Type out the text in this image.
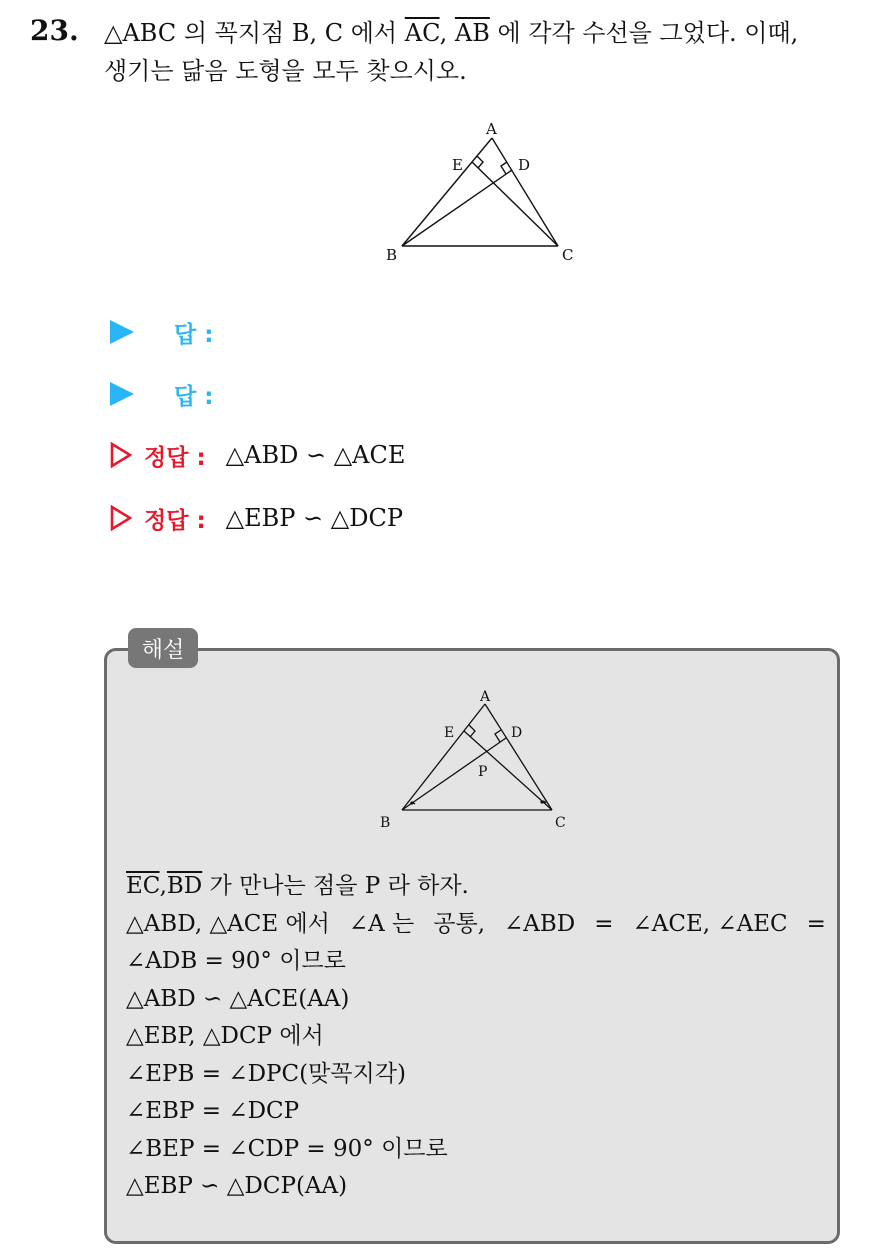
23. △ABC 의 꼭지점 B, C 에서 $\overline{AC}$, $\overline{AB}$ 에 각각 수선을 그었다. 이때,
생기는 닮음 도형을 모두 찾으시오.
A
B	C
D
E
답 :
답 :
정답 : △ABD ∽ △ACE
정답 : △EBP ∽ △DCP
해설
A
B	C
D
E
P
$\overline{EC},\overline{BD}$ 가 만나는 점을 P 라 하자.
△ABD, △ACE 에서 ∠A 는 공통, ∠ABD = ∠ACE, ∠AEC =
∠ADB = 90° 이므로
△ABD ∽ △ACE(AA)
△EBP, △DCP 에서
∠EPB = ∠DPC(맞꼭지각)
∠EBP = ∠DCP
∠BEP = ∠CDP = 90° 이므로
△EBP ∽ △DCP(AA)
